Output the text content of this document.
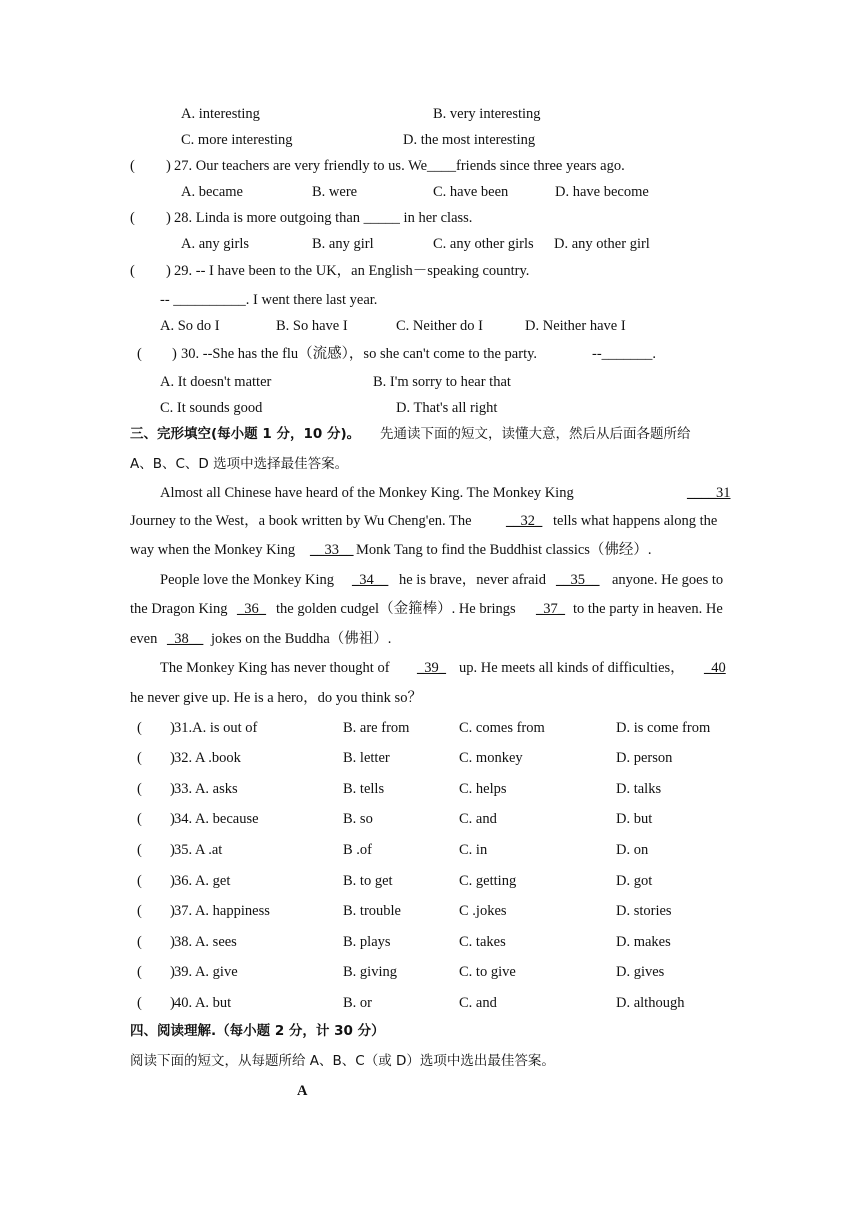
A. interesting	B. very interesting
C. more interesting	D. the most interesting
( ) 27. Our teachers are very friendly to us. We____friends since three years ago.
A. became	B. were	C. have been	D. have become
( ) 28. Linda is more outgoing than _____ in her class.
A. any girls	B. any girl	C. any other girls D. any other girl
( ) 29. -- I have been to the UK，an English－speaking country.
-- __________. I went there last year.
A. So do I	B. So have I	C. Neither do I	D. Neither have I
( ) 30. --She has the flu（流感），so she can't come to the party.	--_______.
A. It doesn't matter	B. I'm sorry to hear that
C. It sounds good	D. That's all right
三、完形填空(每小题 1 分，10 分)。 先通读下面的短文，读懂大意，然后从后面各题所给
A、B、C、D 选项中选择最佳答案。
Almost all Chinese have heard of the Monkey King. The Monkey King	____31
Journey to the West，a book written by Wu Cheng'en. The __32_ tells what happens along the
way when the Monkey King __33__ Monk Tang to find the Buddhist classics（佛经）.
People love the Monkey King _34__ he is brave，never afraid __35__ anyone. He goes to
the Dragon King _36_ the golden cudgel（金箍棒）. He brings _37_ to the party in heaven. He
even _38__ jokes on the Buddha（佛祖）.
The Monkey King has never thought of _39_ up. He meets all kinds of difficulties， _40
he never give up. He is a hero，do you think so？
( ) 31.A. is out of	B. are from	C. comes from	D. is come from
( ) 32. A .book	B. letter	C. monkey	D. person
( ) 33. A. asks	B. tells	C. helps	D. talks
( ) 34. A. because	B. so	C. and	D. but
( ) 35. A .at	B .of	C. in	D. on
( ) 36. A. get	B. to get	C. getting	D. got
( ) 37. A. happiness	B. trouble	C .jokes	D. stories
( ) 38. A. sees	B. plays	C. takes	D. makes
( ) 39. A. give	B. giving	C. to give	D. gives
( ) 40. A. but	B. or	C. and	D. although
四、阅读理解.（每小题 2 分，计 30 分）
阅读下面的短文，从每题所给 A、B、C（或 D）选项中选出最佳答案。
A
